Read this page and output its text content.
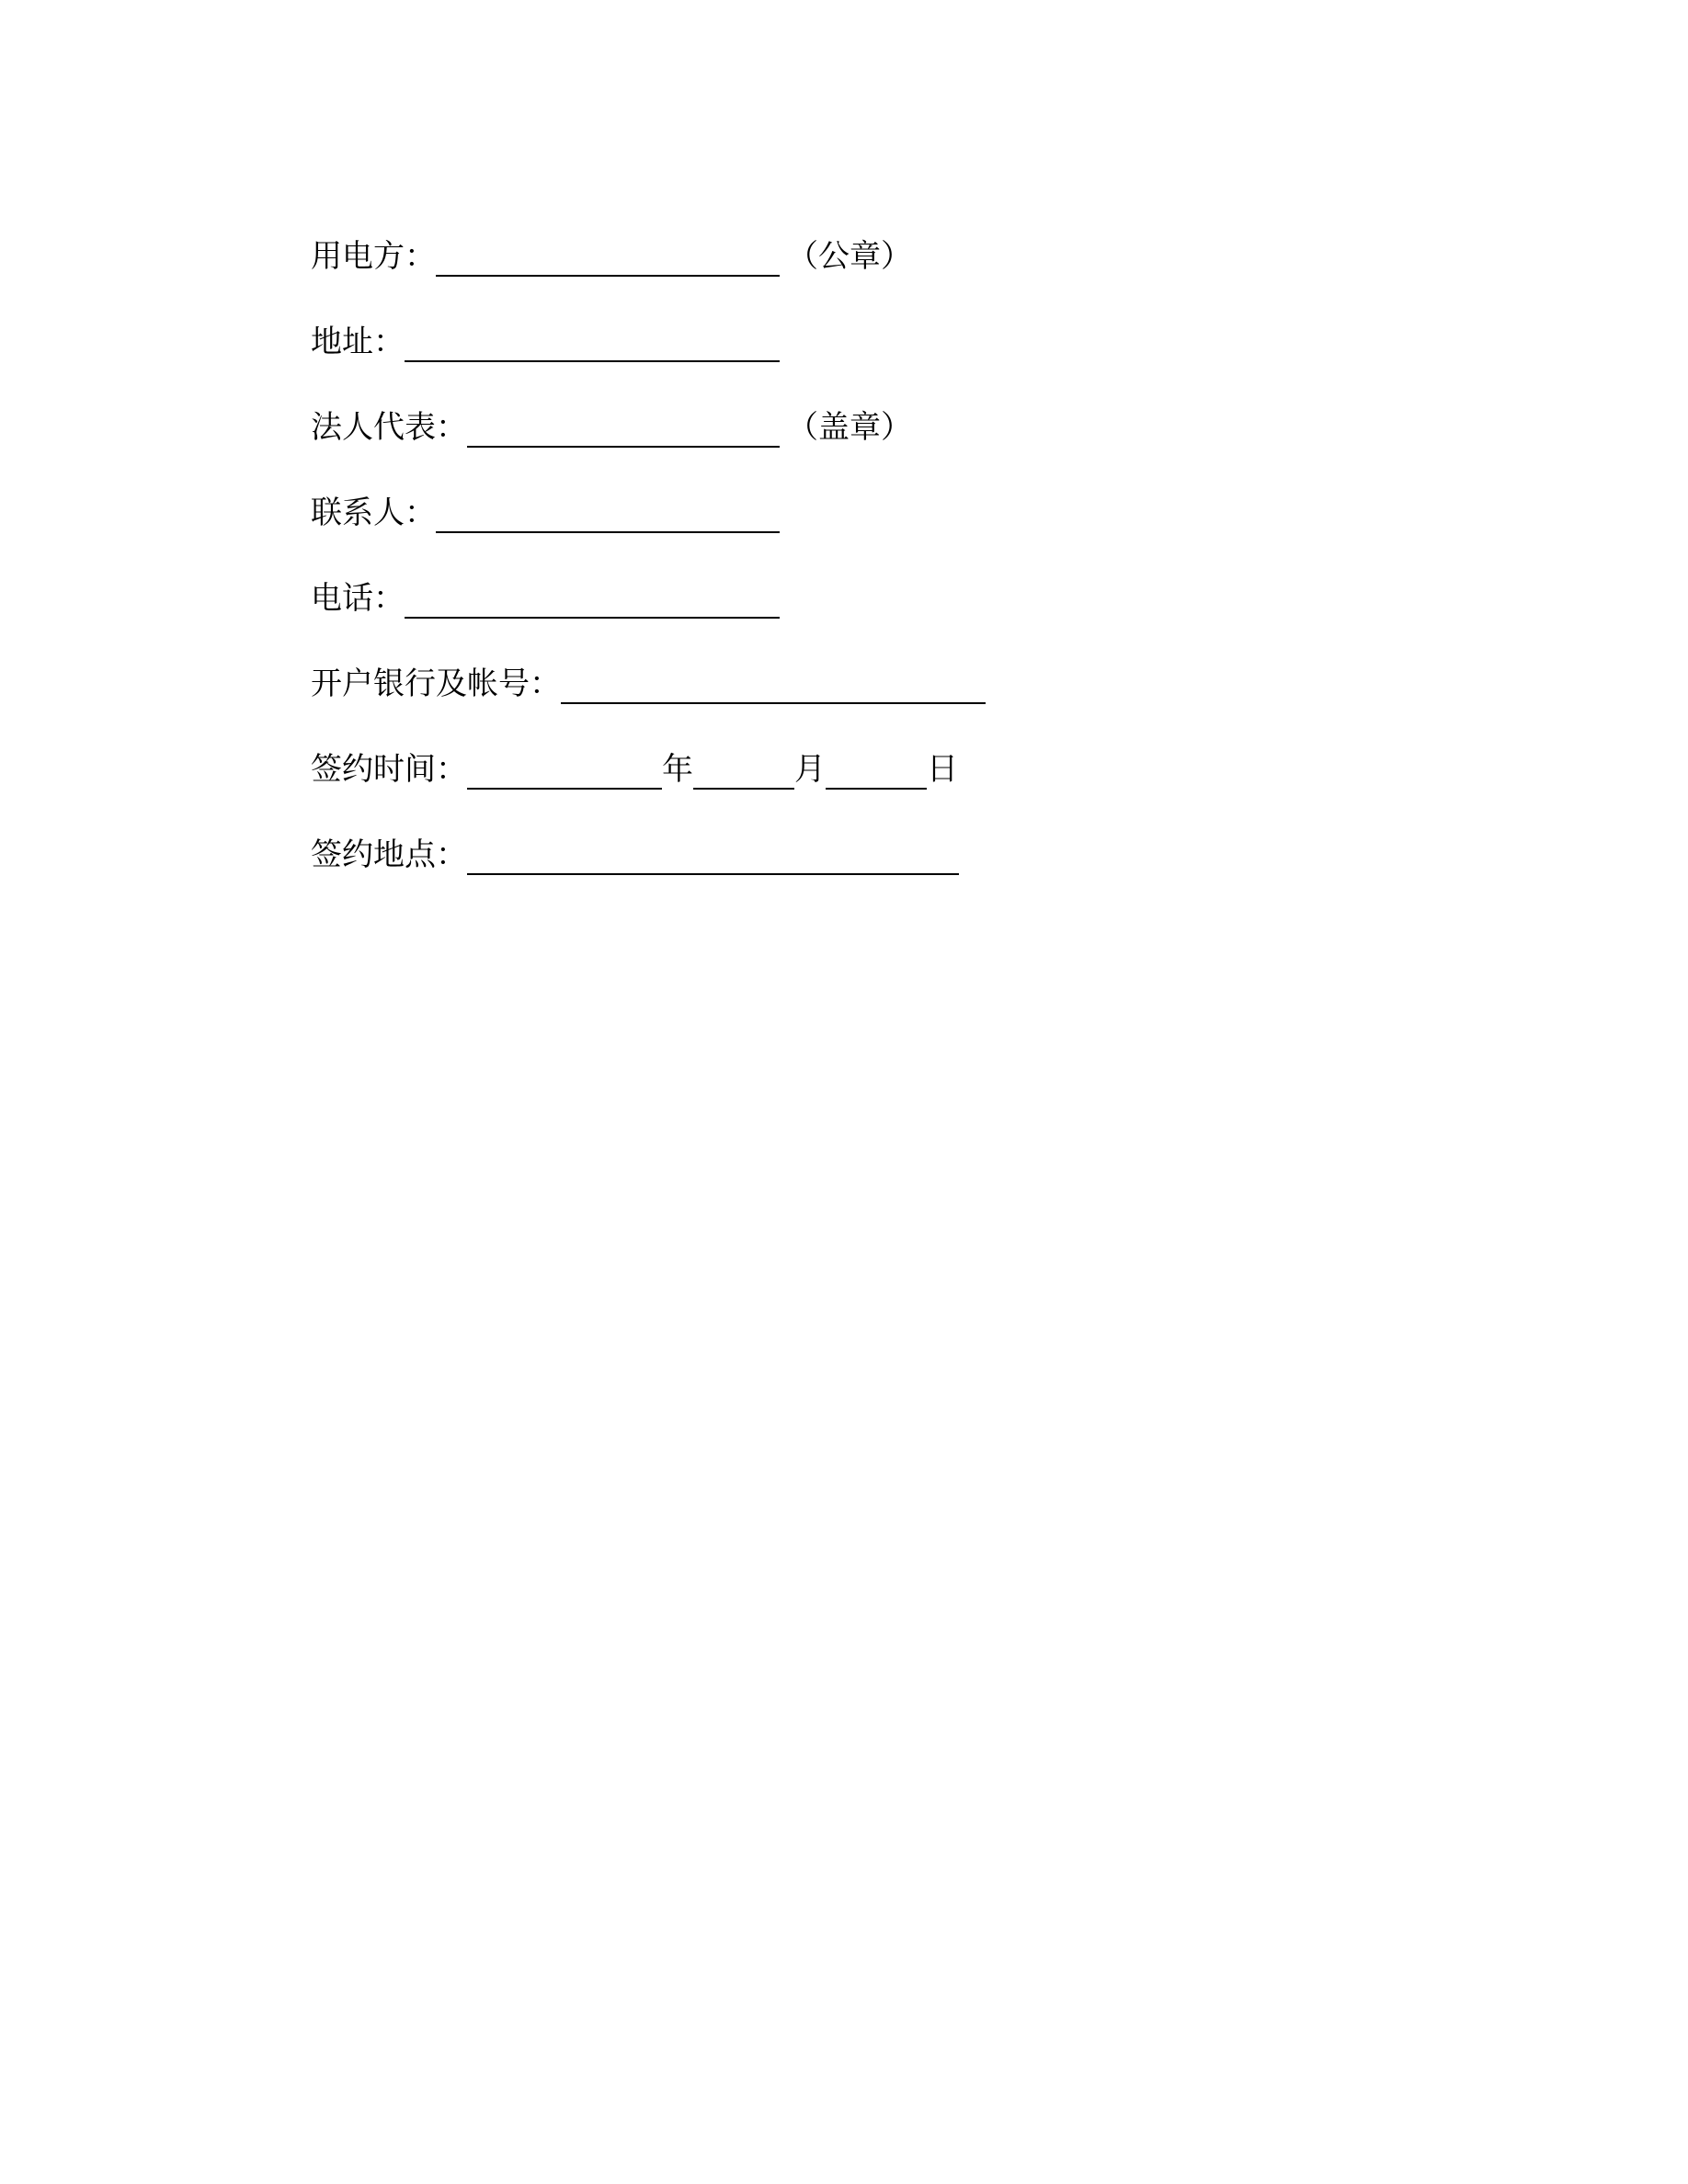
用电方：	（公章）
地址：
法人代表：	（盖章）
联系人：
电话：
开户银行及帐号：
签约时间：	年	月	日
签约地点：
